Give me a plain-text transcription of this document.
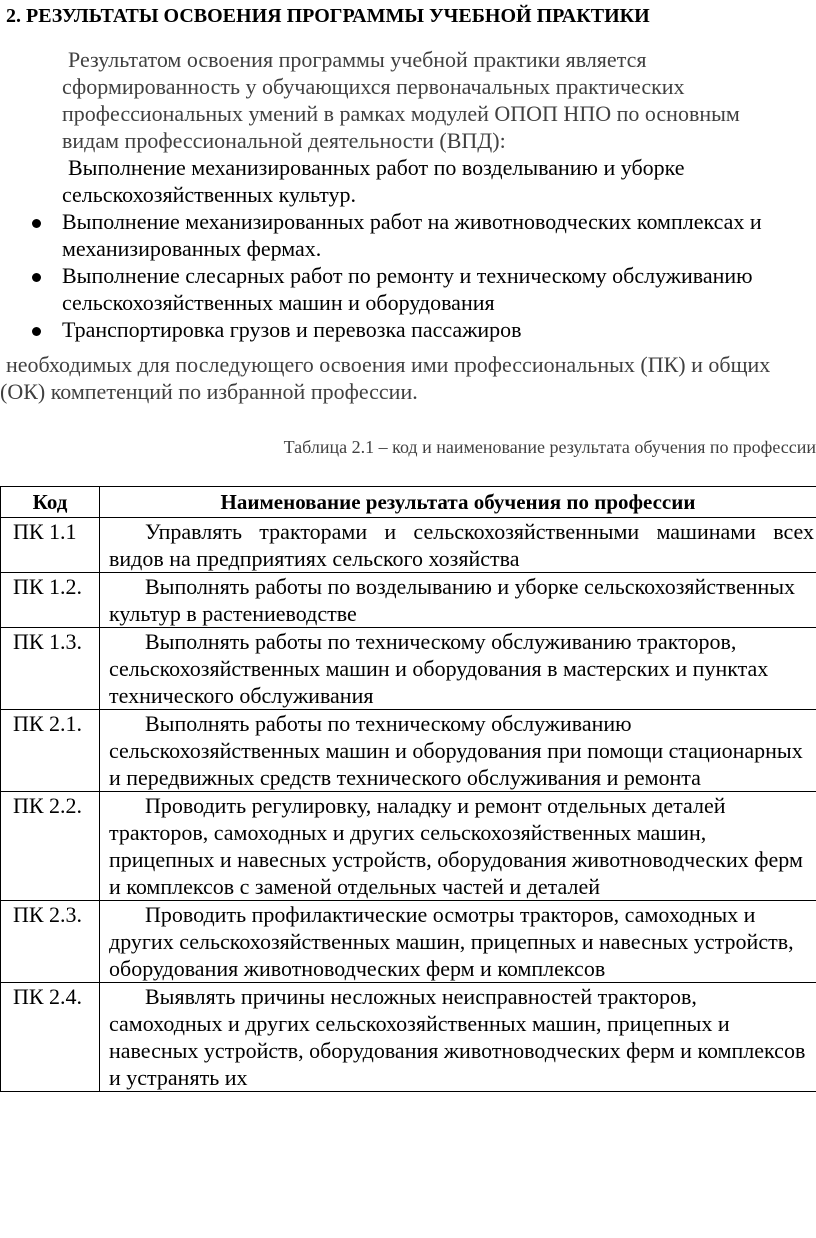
2. РЕЗУЛЬТАТЫ ОСВОЕНИЯ ПРОГРАММЫ УЧЕБНОЙ ПРАКТИКИ

Результатом освоения программы учебной практики является сформированность у обучающихся первоначальных практических профессиональных умений в рамках модулей ОПОП НПО по основным видам профессиональной деятельности (ВПД):

Выполнение механизированных работ по возделыванию и уборке сельскохозяйственных культур.

Выполнение механизированных работ на животноводческих комплексах и механизированных фермах.
Выполнение слесарных работ по ремонту и техническому обслуживанию сельскохозяйственных машин и оборудования
Транспортировка грузов и перевозка пассажиров

необходимых для последующего освоения ими профессиональных (ПК) и общих (ОК) компетенций по избранной профессии.

Таблица 2.1 – код и наименование результата обучения по профессии
Код	Наименование результата обучения по профессии
ПК 1.1	Управлять тракторами и сельскохозяйственными машинами всех видов на предприятиях сельского хозяйства
ПК 1.2.	Выполнять работы по возделыванию и уборке сельскохозяйственных культур в растениеводстве
ПК 1.3.	Выполнять работы по техническому обслуживанию тракторов, сельскохозяйственных машин и оборудования в мастерских и пунктах технического обслуживания
ПК 2.1.	Выполнять работы по техническому обслуживанию сельскохозяйственных машин и оборудования при помощи стационарных и передвижных средств технического обслуживания и ремонта
ПК 2.2.	Проводить регулировку, наладку и ремонт отдельных деталей тракторов, самоходных и других сельскохозяйственных машин, прицепных и навесных устройств, оборудования животноводческих ферм и комплексов с заменой отдельных частей и деталей
ПК 2.3.	Проводить профилактические осмотры тракторов, самоходных и других сельскохозяйственных машин, прицепных и навесных устройств, оборудования животноводческих ферм и комплексов
ПК 2.4.	Выявлять причины несложных неисправностей тракторов, самоходных и других сельскохозяйственных машин, прицепных и навесных устройств, оборудования животноводческих ферм и комплексов и устранять их
